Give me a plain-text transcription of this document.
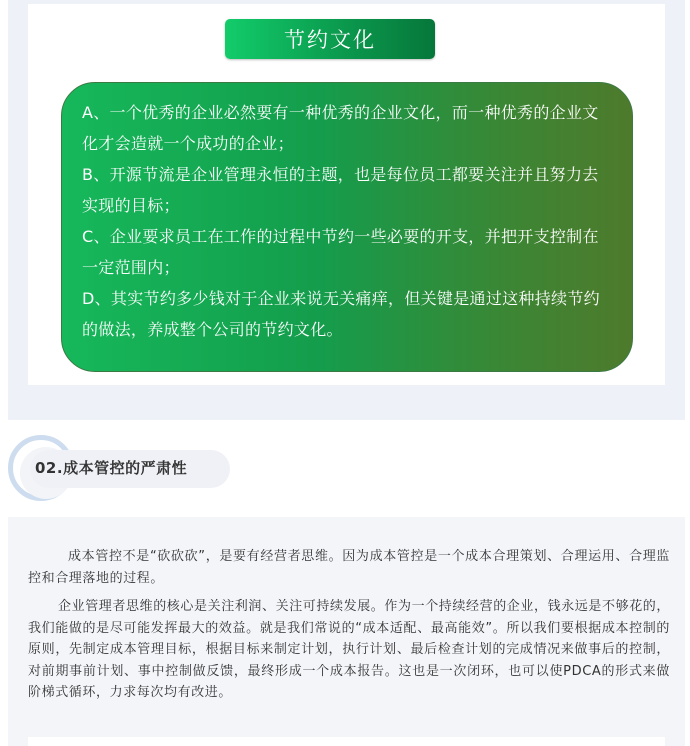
节约文化

A、一个优秀的企业必然要有一种优秀的企业文化，而一种优秀的企业文化才会造就一个成功的企业；

B、开源节流是企业管理永恒的主题，也是每位员工都要关注并且努力去实现的目标；

C、企业要求员工在工作的过程中节约一些必要的开支，并把开支控制在 一定范围内；

D、其实节约多少钱对于企业来说无关痛痒，但关键是通过这种持续节约的做法，养成整个公司的节约文化。

02.成本管控的严肃性

成本管控不是“砍砍砍”，是要有经营者思维。因为成本管控是一个成本合理策划、合理运用、合理监控和合理落地的过程。

企业管理者思维的核心是关注利润、关注可持续发展。作为一个持续经营的企业，钱永远是不够花的，我们能做的是尽可能发挥最大的效益。就是我们常说的“成本适配、最高能效”。所以我们要根据成本控制的原则，先制定成本管理目标，根据目标来制定计划，执行计划、最后检查计划的完成情况来做事后的控制，对前期事前计划、事中控制做反馈，最终形成一个成本报告。这也是一次闭环，也可以使PDCA的形式来做阶梯式循环，力求每次均有改进。
